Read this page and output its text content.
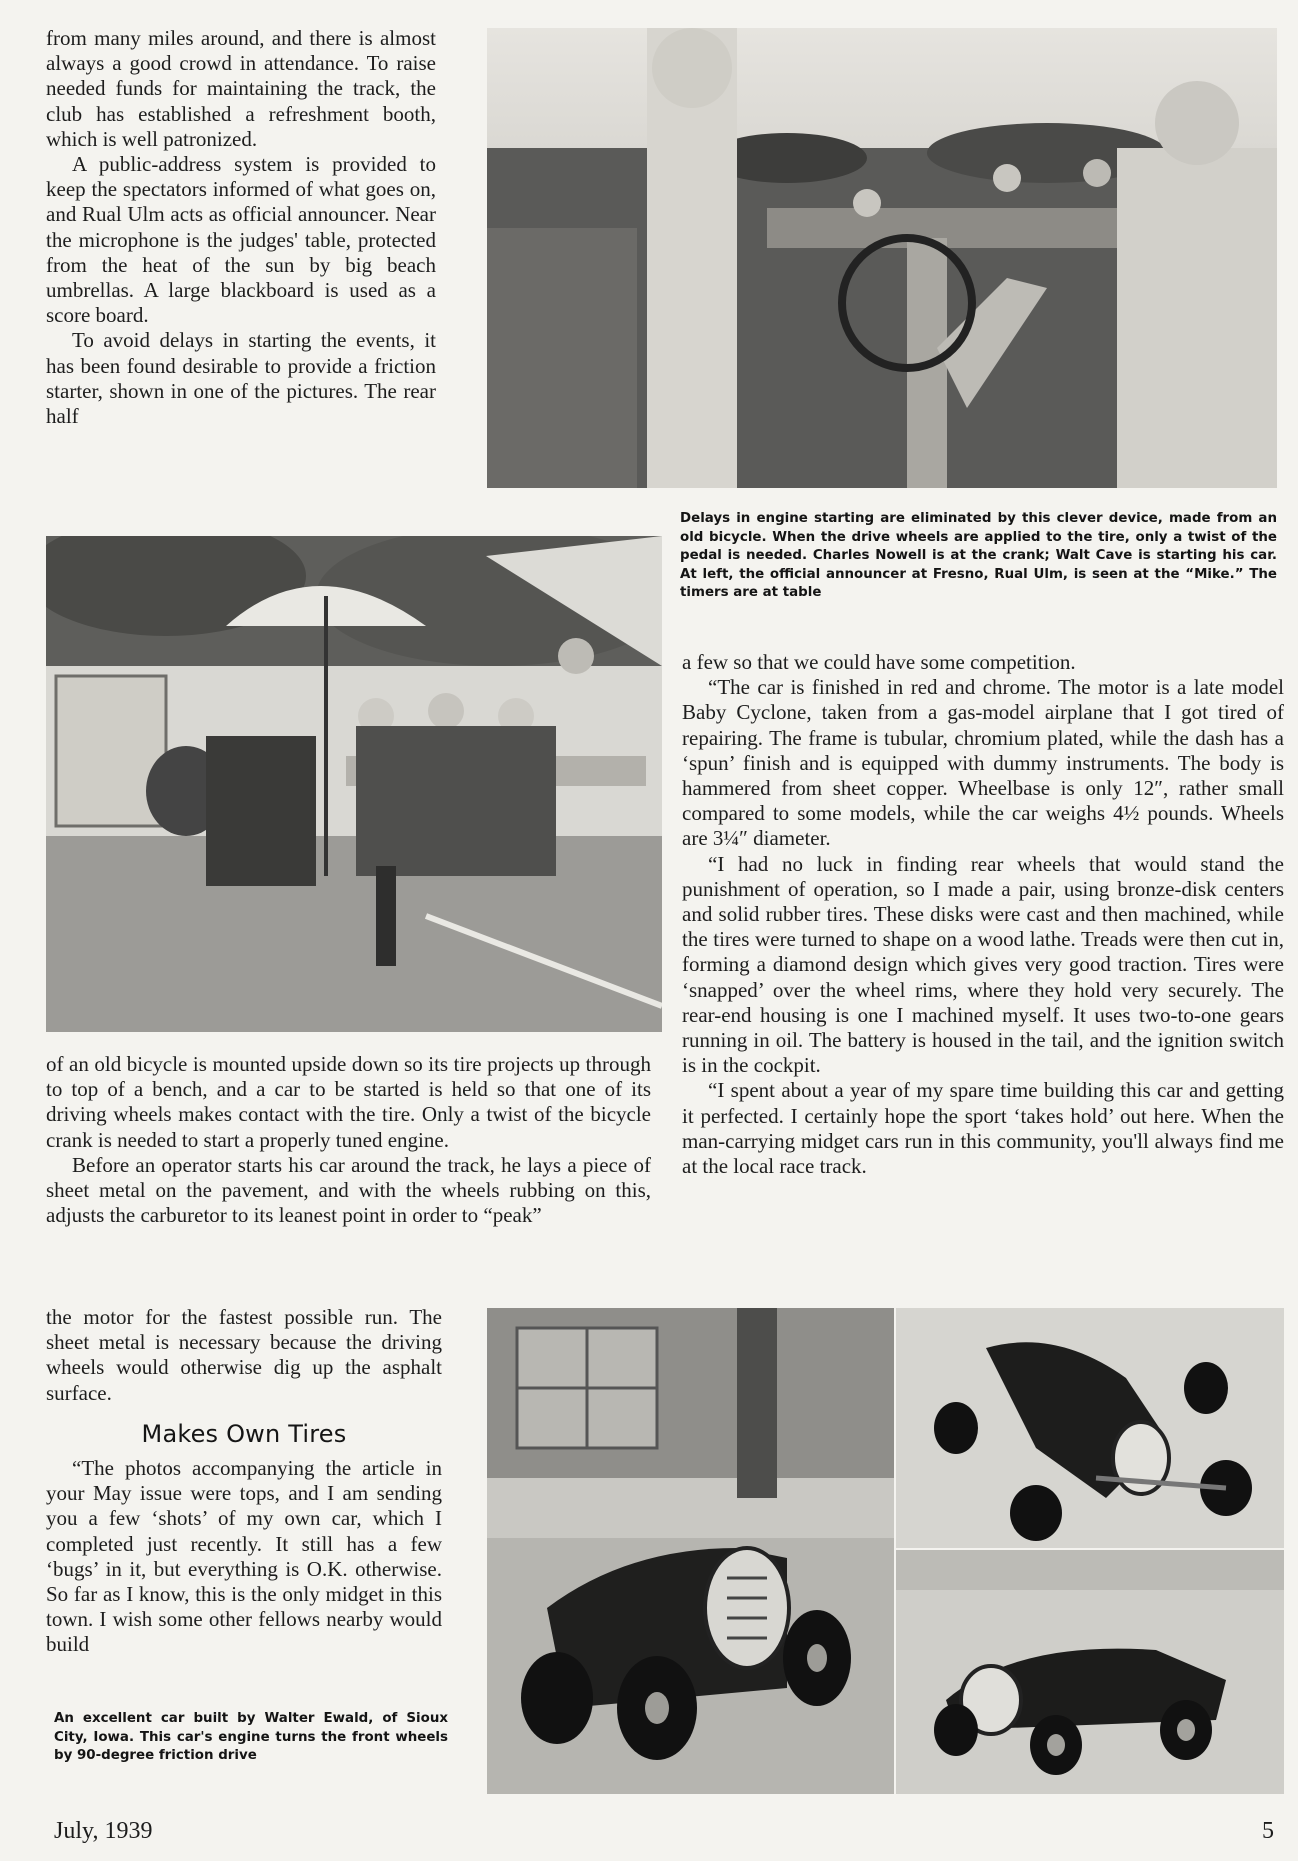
from many miles around, and there is almost always a good crowd in attendance. To raise needed funds for maintaining the track, the club has established a refreshment booth, which is well patronized.

A public-address system is provided to keep the spectators informed of what goes on, and Rual Ulm acts as official announcer. Near the microphone is the judges' table, protected from the heat of the sun by big beach umbrellas. A large blackboard is used as a score board.

To avoid delays in starting the events, it has been found desirable to provide a friction starter, shown in one of the pictures. The rear half

Delays in engine starting are eliminated by this clever device, made from an old bicycle. When the drive wheels are applied to the tire, only a twist of the pedal is needed. Charles Nowell is at the crank; Walt Cave is starting his car. At left, the official announcer at Fresno, Rual Ulm, is seen at the “Mike.” The timers are at table

of an old bicycle is mounted upside down so its tire projects up through to top of a bench, and a car to be started is held so that one of its driving wheels makes contact with the tire. Only a twist of the bicycle crank is needed to start a properly tuned engine.

Before an operator starts his car around the track, he lays a piece of sheet metal on the pavement, and with the wheels rubbing on this, adjusts the carburetor to its leanest point in order to “peak”

the motor for the fastest possible run. The sheet metal is necessary because the driving wheels would otherwise dig up the asphalt surface.

Makes Own Tires

“The photos accompanying the article in your May issue were tops, and I am sending you a few ‘shots’ of my own car, which I completed just recently. It still has a few ‘bugs’ in it, but everything is O.K. otherwise. So far as I know, this is the only midget in this town. I wish some other fellows nearby would build

An excellent car built by Walter Ewald, of Sioux City, Iowa. This car's engine turns the front wheels by 90-degree friction drive

a few so that we could have some competition.

“The car is finished in red and chrome. The motor is a late model Baby Cyclone, taken from a gas-model airplane that I got tired of repairing. The frame is tubular, chromium plated, while the dash has a ‘spun’ finish and is equipped with dummy instruments. The body is hammered from sheet copper. Wheelbase is only 12″, rather small compared to some models, while the car weighs 4½ pounds. Wheels are 3¼″ diameter.

“I had no luck in finding rear wheels that would stand the punishment of operation, so I made a pair, using bronze-disk centers and solid rubber tires. These disks were cast and then machined, while the tires were turned to shape on a wood lathe. Treads were then cut in, forming a diamond design which gives very good traction. Tires were ‘snapped’ over the wheel rims, where they hold very securely. The rear-end housing is one I machined myself. It uses two-to-one gears running in oil. The battery is housed in the tail, and the ignition switch is in the cockpit.

“I spent about a year of my spare time building this car and getting it perfected. I certainly hope the sport ‘takes hold’ out here. When the man-carrying midget cars run in this community, you'll always find me at the local race track.

July, 1939	5
